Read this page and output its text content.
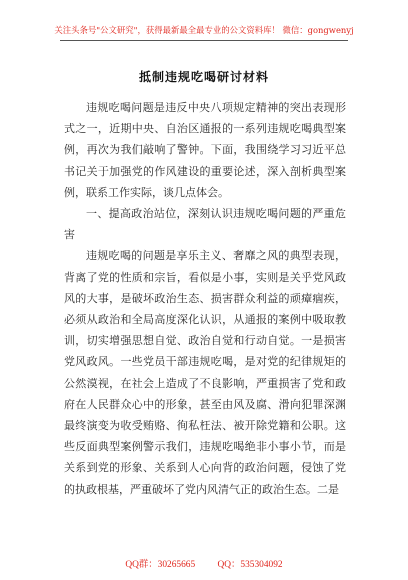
关注头条号"公文研究"，获得最新最全最专业的公文资料库！ 微信：gongwenyj
抵制违规吃喝研讨材料

违规吃喝问题是违反中央八项规定精神的突出表现形式之一，近期中央、自治区通报的一系列违规吃喝典型案例，再次为我们敲响了警钟。下面，我围绕学习习近平总书记关于加强党的作风建设的重要论述，深入剖析典型案例，联系工作实际，谈几点体会。

一、提高政治站位，深刻认识违规吃喝问题的严重危害

违规吃喝的问题是享乐主义、奢靡之风的典型表现，背离了党的性质和宗旨，看似是小事，实则是关乎党风政风的大事，是破坏政治生态、损害群众利益的顽瘴痼疾，必须从政治和全局高度深化认识，从通报的案例中吸取教训，切实增强思想自觉、政治自觉和行动自觉。一是损害党风政风。一些党员干部违规吃喝，是对党的纪律规矩的公然漠视，在社会上造成了不良影响，严重损害了党和政府在人民群众心中的形象，甚至由风及腐、滑向犯罪深渊最终演变为收受贿赂、徇私枉法、被开除党籍和公职。这些反面典型案例警示我们，违规吃喝绝非小事小节，而是关系到党的形象、关系到人心向背的政治问题，侵蚀了党的执政根基，严重破坏了党内风清气正的政治生态。二是

QQ群：30265665 QQ：535304092
